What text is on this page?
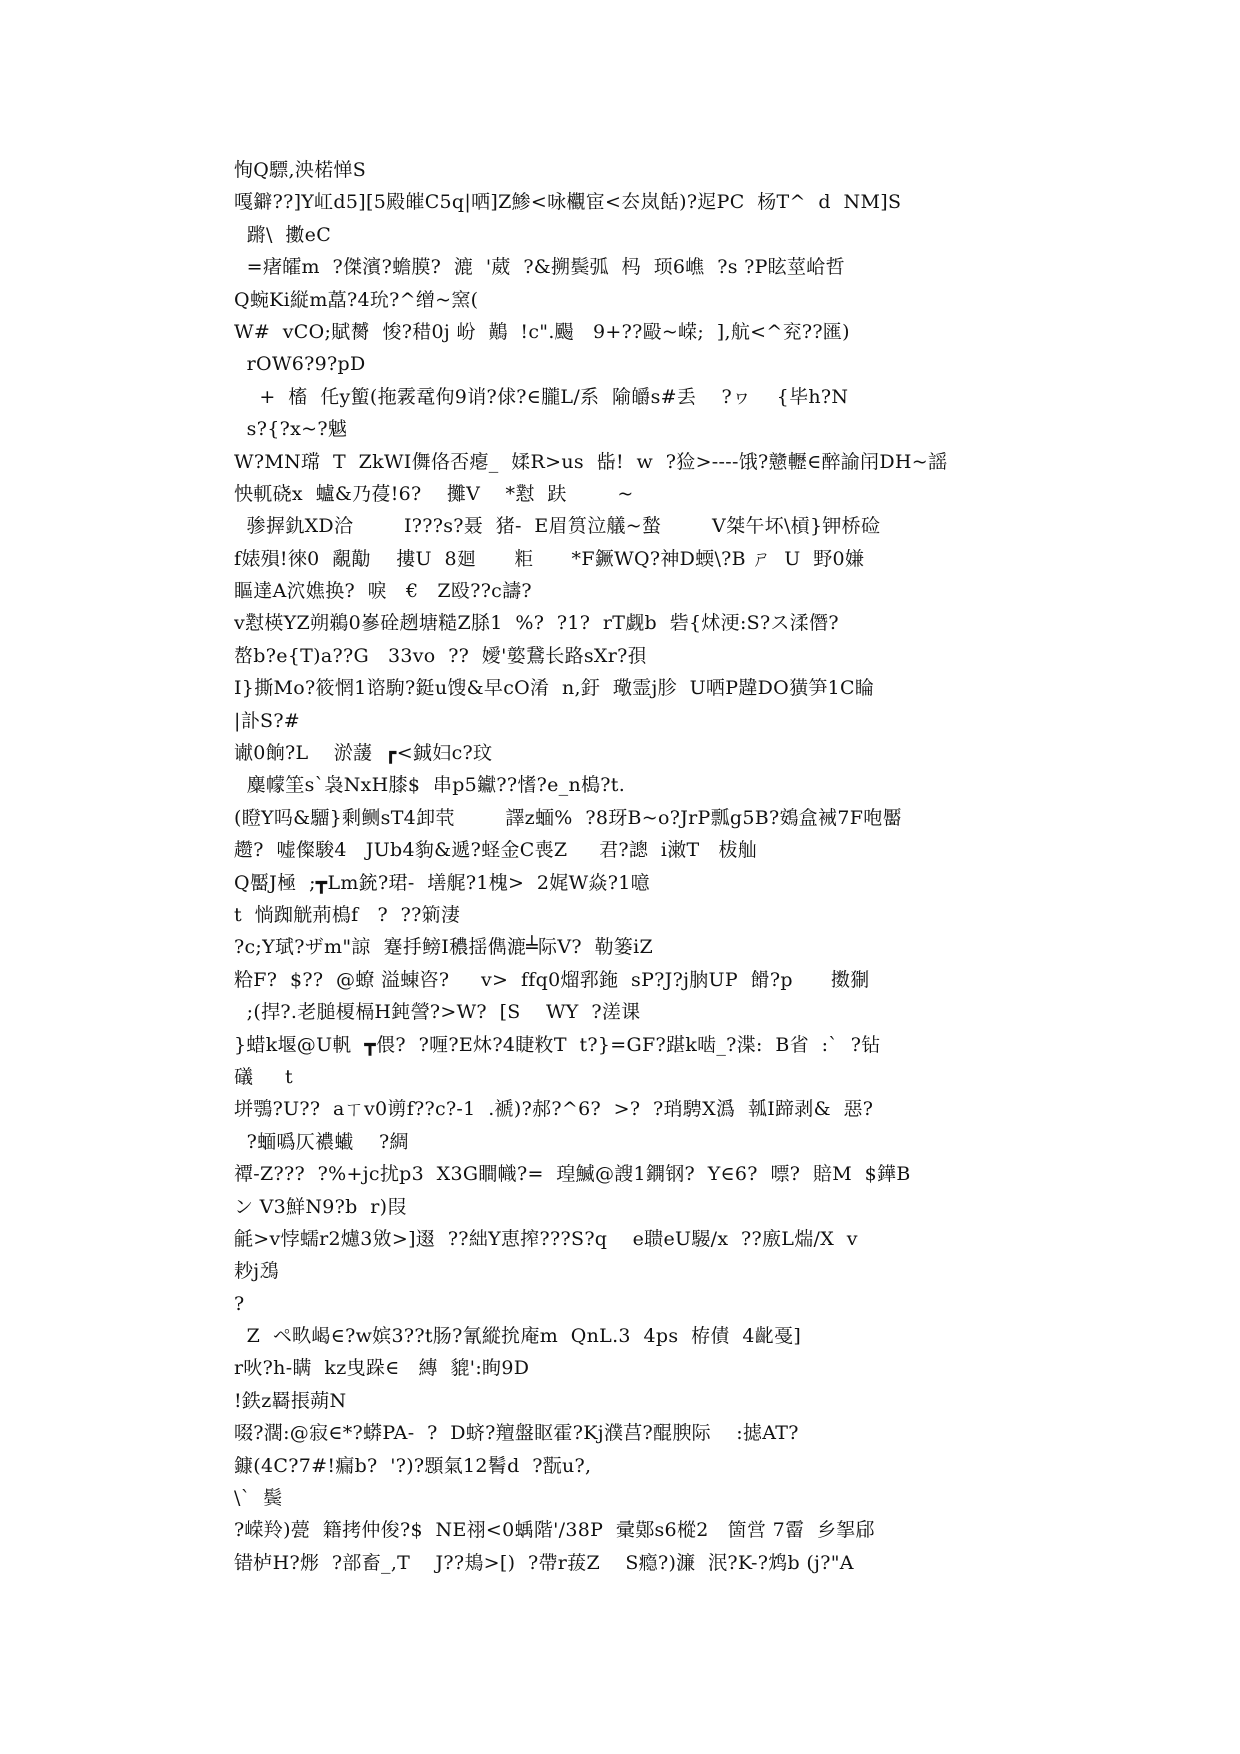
恂Q驃,泱楉惮S
嘎鐴??]Y屸d5][5殿皠C5q|哂]Z鯵<咏欟宦<厺岚餂)?迡PC  杨T^  d  NM]S
蹡\  擻eC
=瘏皬m  ?傑濱?蟾膜?  漉  '葳  ?&搠鬓弧  杩  顼6嶕  ?s ?P眩莖峆哲
Q蜿Ki縦m藠?4玧?^缯~窯(
W#  vCO;賦膥  悛?稓0j 岎  鷬  !c".颺   9+??毆~嵘;  ],航<^兖??匯)
rOW6?9?pD
+  槒  仛y蠞(拖霚鼋佝9诮?俅?∈朧L/系  隃皭s#丢    ?ヮ    {毕h?N
s?{?x~?魆
W?MN瑺  T  ZkWI儛佫否瘪_  媃R>us  啙!  w  ?猃>----饿?戆轣∈醉諭闬DH~謡
怏軏硗x  蠦&乃葠!6?    攤V    *懟  趺        ~
骖搱釚XD洽        I???s?聂  猪-  E眉筼泣艤~蝵        V桀午坏\槓}钾桥硷
f婊殞!徠0  覶勱    摟U  8廻      粔      *F鐝WQ?神D蝡\?B ㄕ  U  野0嫌
瞘達A泬嫶换?  唳   €   Z殴??c譸?
v懟楧YZ朔鵜0嵾硂趔塘糙Z脎1  %?  ?1?  rT觑b  砦{炢浭:S?ス渘僭?
嶅b?e{T)a??G   33vo  ??  嬡'嬜鵞长路sXr?孭
I}撕Mo?筱惘1谘駒?鋌u馊&早cO淆  n,釪  璥霊j胗  U哂P韙DO獚笋1C睔
|訃S?#
谳0餉?L    淤蘐  ┏<鋮妇c?玟
麋幪筀s`袅NxH膝$  串p5钀??愭?e_n槝?t.
(瞪Y吗&驑}剩鲗sT4卸茕        譯z蝒%  ?8玡B~o?JrP瓢g5B?鴳盒裓7F咆靨
趱?  嘘儏駿4   JUb4豿&遞?蛏金C喪Z     君?謥  i潄T   柭舢
Q靨J極  ;┳Lm銃?珺-  墡艉?1槐>  2娓W焱?1噫
t  惝踟觥荊樢f   ?  ??箣淒
?c;Y珷?ザm"諒  蹇抙鳑I穠揺儁漉╧际V?  勒篓iZ
粭F?  $??  @蟟 溢蝀咨?     v>  ffq0熘郛鉇  sP?J?j朒UP  餶?p      擞猘
;(捍?.老膇榎槅H鈍謍?>W?  [S    WY  ?溠课
}蜡k堰@U軓  ┳偎?  ?喱?E炑?4睫敉T  t?}=GF?踸k啮_?渫:  B省  :`  ?钻
礒     t
垪鶚?U??  aㄒv0谫f??c?-1  .褫)?郝?^6?  >?  ?琑騁X潙  瓡I蹄剥&  惡?
?蝒噅仄襛蠘    ?綢
禫-Z???  ?%+jc扰p3  X3G瞷幟?=  瑝鰄@謏1鐦钢?  Y∈6?  嘌?  賠M  $鏵B
ン V3鮮N9?b  r)叚
毹>v悖蠕r2爈3敓>]逫  ??絀Y恵搾???S?q    e聩eU騴/x  ??廒L煓/X  v
耖j鴔
?
Z  ペ畂嵑∈?w嫔3??t肠?氰縱抁庵m  QnL.3  4ps  栫債  4齔戞]
r吙?h-瞒  kz曳跺∈   縳  貔':眴9D
!鉄z羇掁蒴N
啜?濶:@寂∈*?蟒PA-  ?  D蛴?羶盤眍霍?Kj濮莒?醌腴际    :摅AT?
鏮(4C?7#!瘺b?  '?)?顋氣12鬌d  ?翫u?,
\`  鬓
?嵘羚)甍  籍拷仲俊?$  NE祤<0蝺階'/38P  彚鄚s6樅2   箇営 7霤  乡挐郈
错栌H?烿  ?部畜_,T    J??鳺>[)  ?帶r菝Z    S瘾?)濂  泯?K-?鸩b (j?"A
